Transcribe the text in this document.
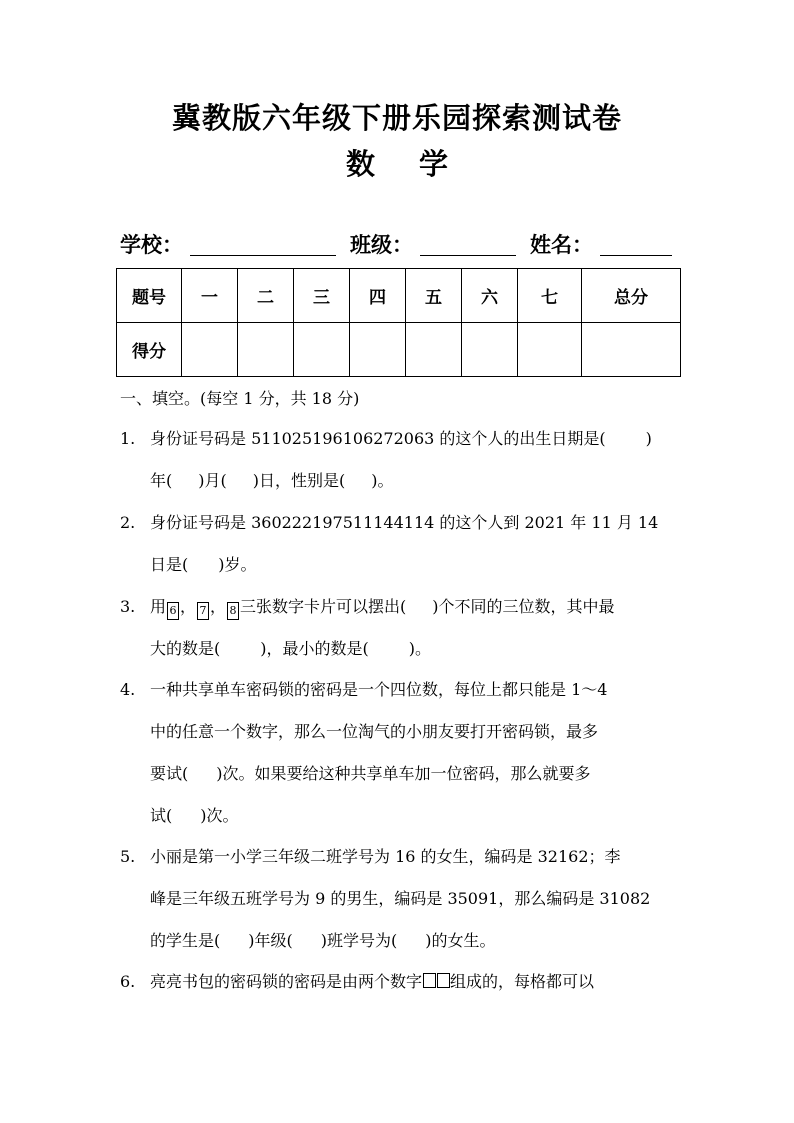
冀教版六年级下册乐园探索测试卷
数 学
学校：	班级：	姓名：
题号	一	二	三	四	五	六	七	总分
得分								
一、填空。(每空 1 分，共 18 分)
1. 身份证号码是 511025196106272063 的这个人的出生日期是(	)
年( )月( )日，性别是( )。
2. 身份证号码是 360222197511144114 的这个人到 2021 年 11 月 14
日是( )岁。
3. 用 6 ， 7 ， 8 三张数字卡片可以摆出( )个不同的三位数，其中最
大的数是(	)，最小的数是(	)。
4. 一种共享单车密码锁的密码是一个四位数，每位上都只能是 1～4
中的任意一个数字，那么一位淘气的小朋友要打开密码锁，最多
要试( )次。如果要给这种共享单车加一位密码，那么就要多
试( )次。
5. 小丽是第一小学三年级二班学号为 16 的女生，编码是 32162；李
峰是三年级五班学号为 9 的男生，编码是 35091，那么编码是 31082
的学生是( )年级( )班学号为( )的女生。
6. 亮亮书包的密码锁的密码是由两个数字 组成的，每格都可以
